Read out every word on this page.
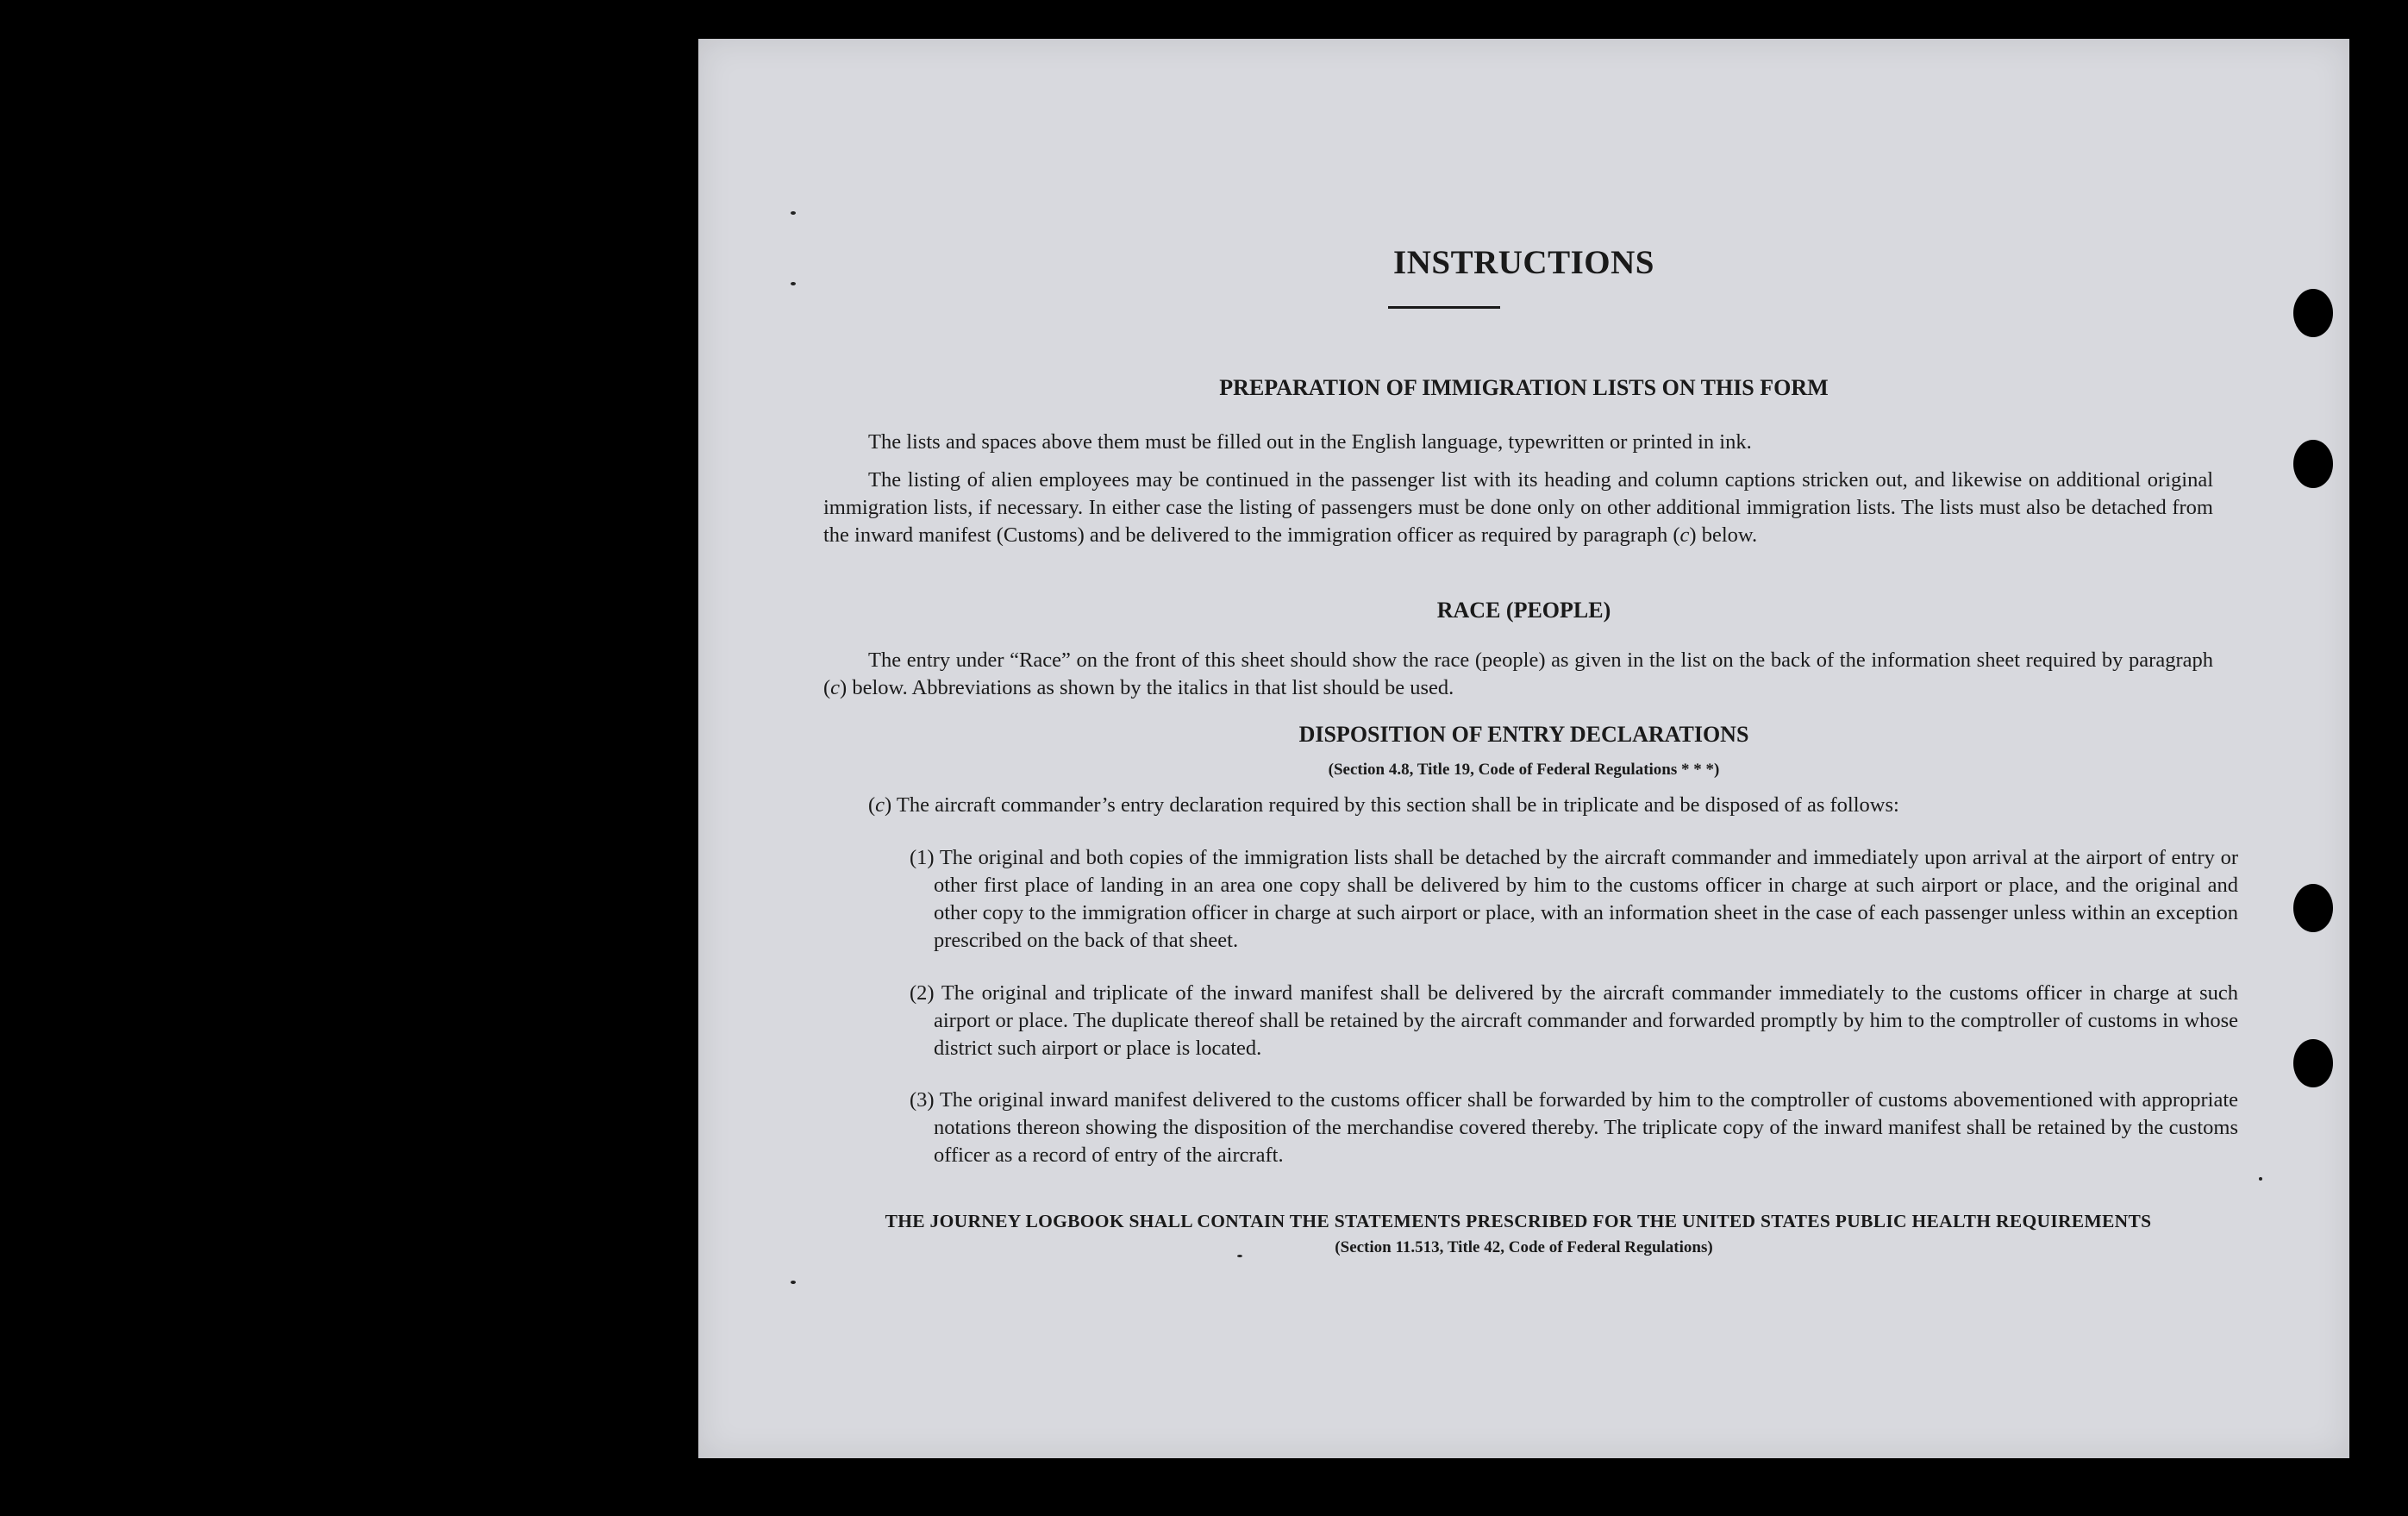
INSTRUCTIONS
PREPARATION OF IMMIGRATION LISTS ON THIS FORM

The lists and spaces above them must be filled out in the English language, typewritten or printed in ink.

The listing of alien employees may be continued in the passenger list with its heading and column captions stricken out, and likewise on additional original immigration lists, if necessary. In either case the listing of passengers must be done only on other additional immigration lists. The lists must also be detached from the inward manifest (Customs) and be delivered to the immigration officer as required by paragraph (c) below.

RACE (PEOPLE)

The entry under “Race” on the front of this sheet should show the race (people) as given in the list on the back of the information sheet required by paragraph (c) below. Abbreviations as shown by the italics in that list should be used.

DISPOSITION OF ENTRY DECLARATIONS

(Section 4.8, Title 19, Code of Federal Regulations * * *)

(c) The aircraft commander’s entry declaration required by this section shall be in triplicate and be disposed of as follows:

(1) The original and both copies of the immigration lists shall be detached by the aircraft commander and immediately upon arrival at the airport of entry or other first place of landing in an area one copy shall be delivered by him to the customs officer in charge at such airport or place, and the original and other copy to the immigration officer in charge at such airport or place, with an information sheet in the case of each passenger unless within an exception prescribed on the back of that sheet.

(2) The original and triplicate of the inward manifest shall be delivered by the aircraft commander immediately to the customs officer in charge at such airport or place. The duplicate thereof shall be retained by the aircraft commander and forwarded promptly by him to the comptroller of customs in whose district such airport or place is located.

(3) The original inward manifest delivered to the customs officer shall be forwarded by him to the comptroller of customs abovementioned with appropriate notations thereon showing the disposition of the merchandise covered thereby. The triplicate copy of the inward manifest shall be retained by the customs officer as a record of entry of the aircraft.

THE JOURNEY LOGBOOK SHALL CONTAIN THE STATEMENTS PRESCRIBED FOR THE UNITED STATES PUBLIC HEALTH REQUIREMENTS

(Section 11.513, Title 42, Code of Federal Regulations)
